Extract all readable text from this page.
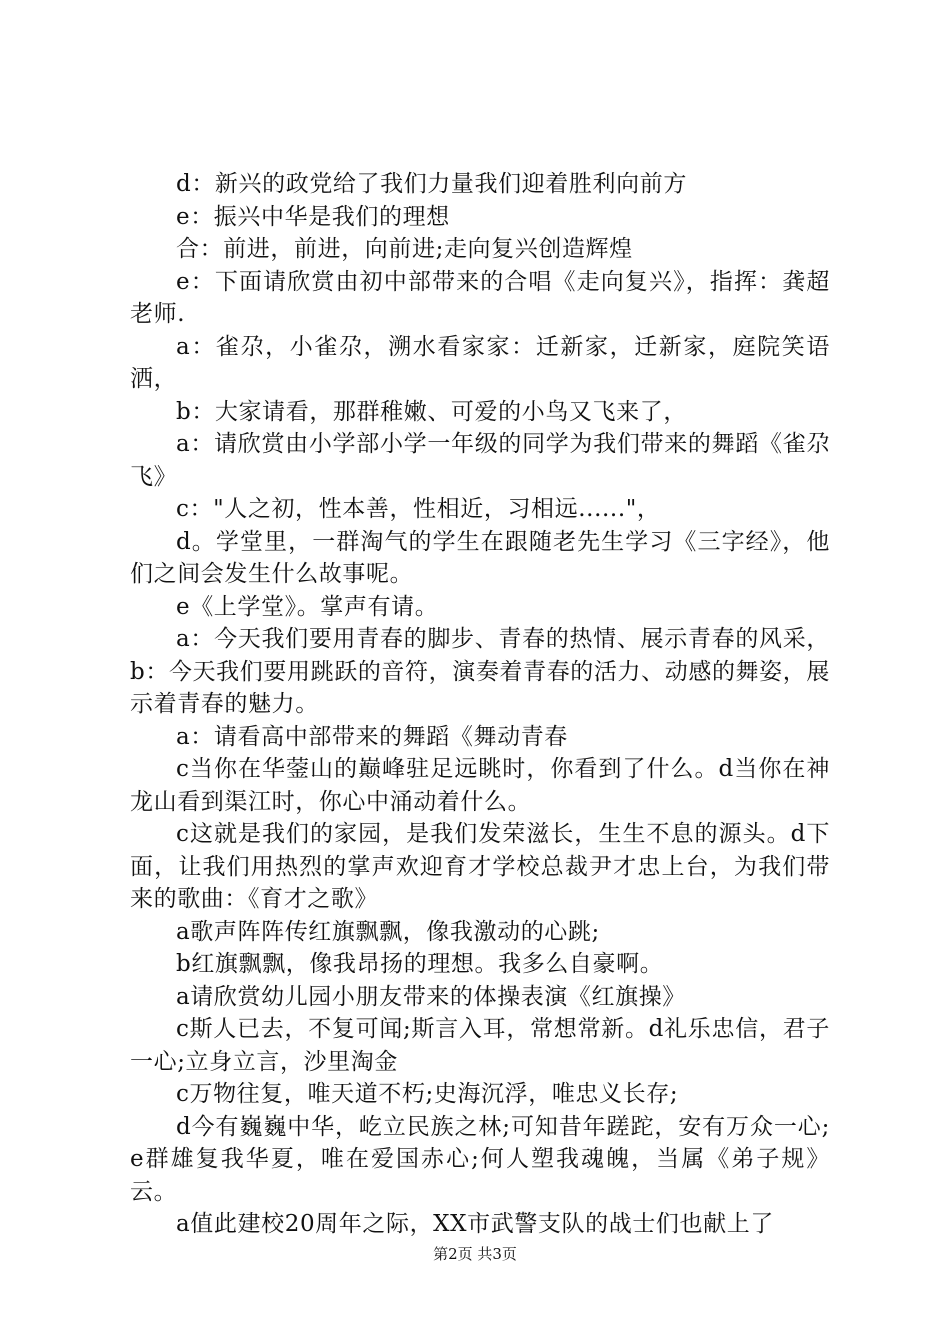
d：新兴的政党给了我们力量我们迎着胜利向前方

e：振兴中华是我们的理想

合：前进，前进，向前进;走向复兴创造辉煌

e：下面请欣赏由初中部带来的合唱《走向复兴》，指挥：龚超老师.

a：雀尕，小雀尕，溯水看家家：迁新家，迁新家，庭院笑语洒，

b：大家请看，那群稚嫩、可爱的小鸟又飞来了，

a：请欣赏由小学部小学一年级的同学为我们带来的舞蹈《雀尕飞》

c："人之初，性本善，性相近，习相远......"，

d。学堂里，一群淘气的学生在跟随老先生学习《三字经》，他们之间会发生什么故事呢。

e《上学堂》。掌声有请。

a：今天我们要用青春的脚步、青春的热情、展示青春的风采，b：今天我们要用跳跃的音符，演奏着青春的活力、动感的舞姿，展示着青春的魅力。

a：请看高中部带来的舞蹈《舞动青春

c当你在华蓥山的巅峰驻足远眺时，你看到了什么。d当你在神龙山看到渠江时，你心中涌动着什么。

c这就是我们的家园，是我们发荣滋长，生生不息的源头。d下面，让我们用热烈的掌声欢迎育才学校总裁尹才忠上台，为我们带来的歌曲：《育才之歌》

a歌声阵阵传红旗飘飘，像我激动的心跳;

b红旗飘飘，像我昂扬的理想。我多么自豪啊。

a请欣赏幼儿园小朋友带来的体操表演《红旗操》

c斯人已去，不复可闻;斯言入耳，常想常新。d礼乐忠信，君子一心;立身立言，沙里淘金

c万物往复，唯天道不朽;史海沉浮，唯忠义长存;

d今有巍巍中华，屹立民族之林;可知昔年蹉跎，安有万众一心;e群雄复我华夏，唯在爱国赤心;何人塑我魂魄，当属《弟子规》云。

a值此建校20周年之际，XX市武警支队的战士们也献上了

第2页 共3页
